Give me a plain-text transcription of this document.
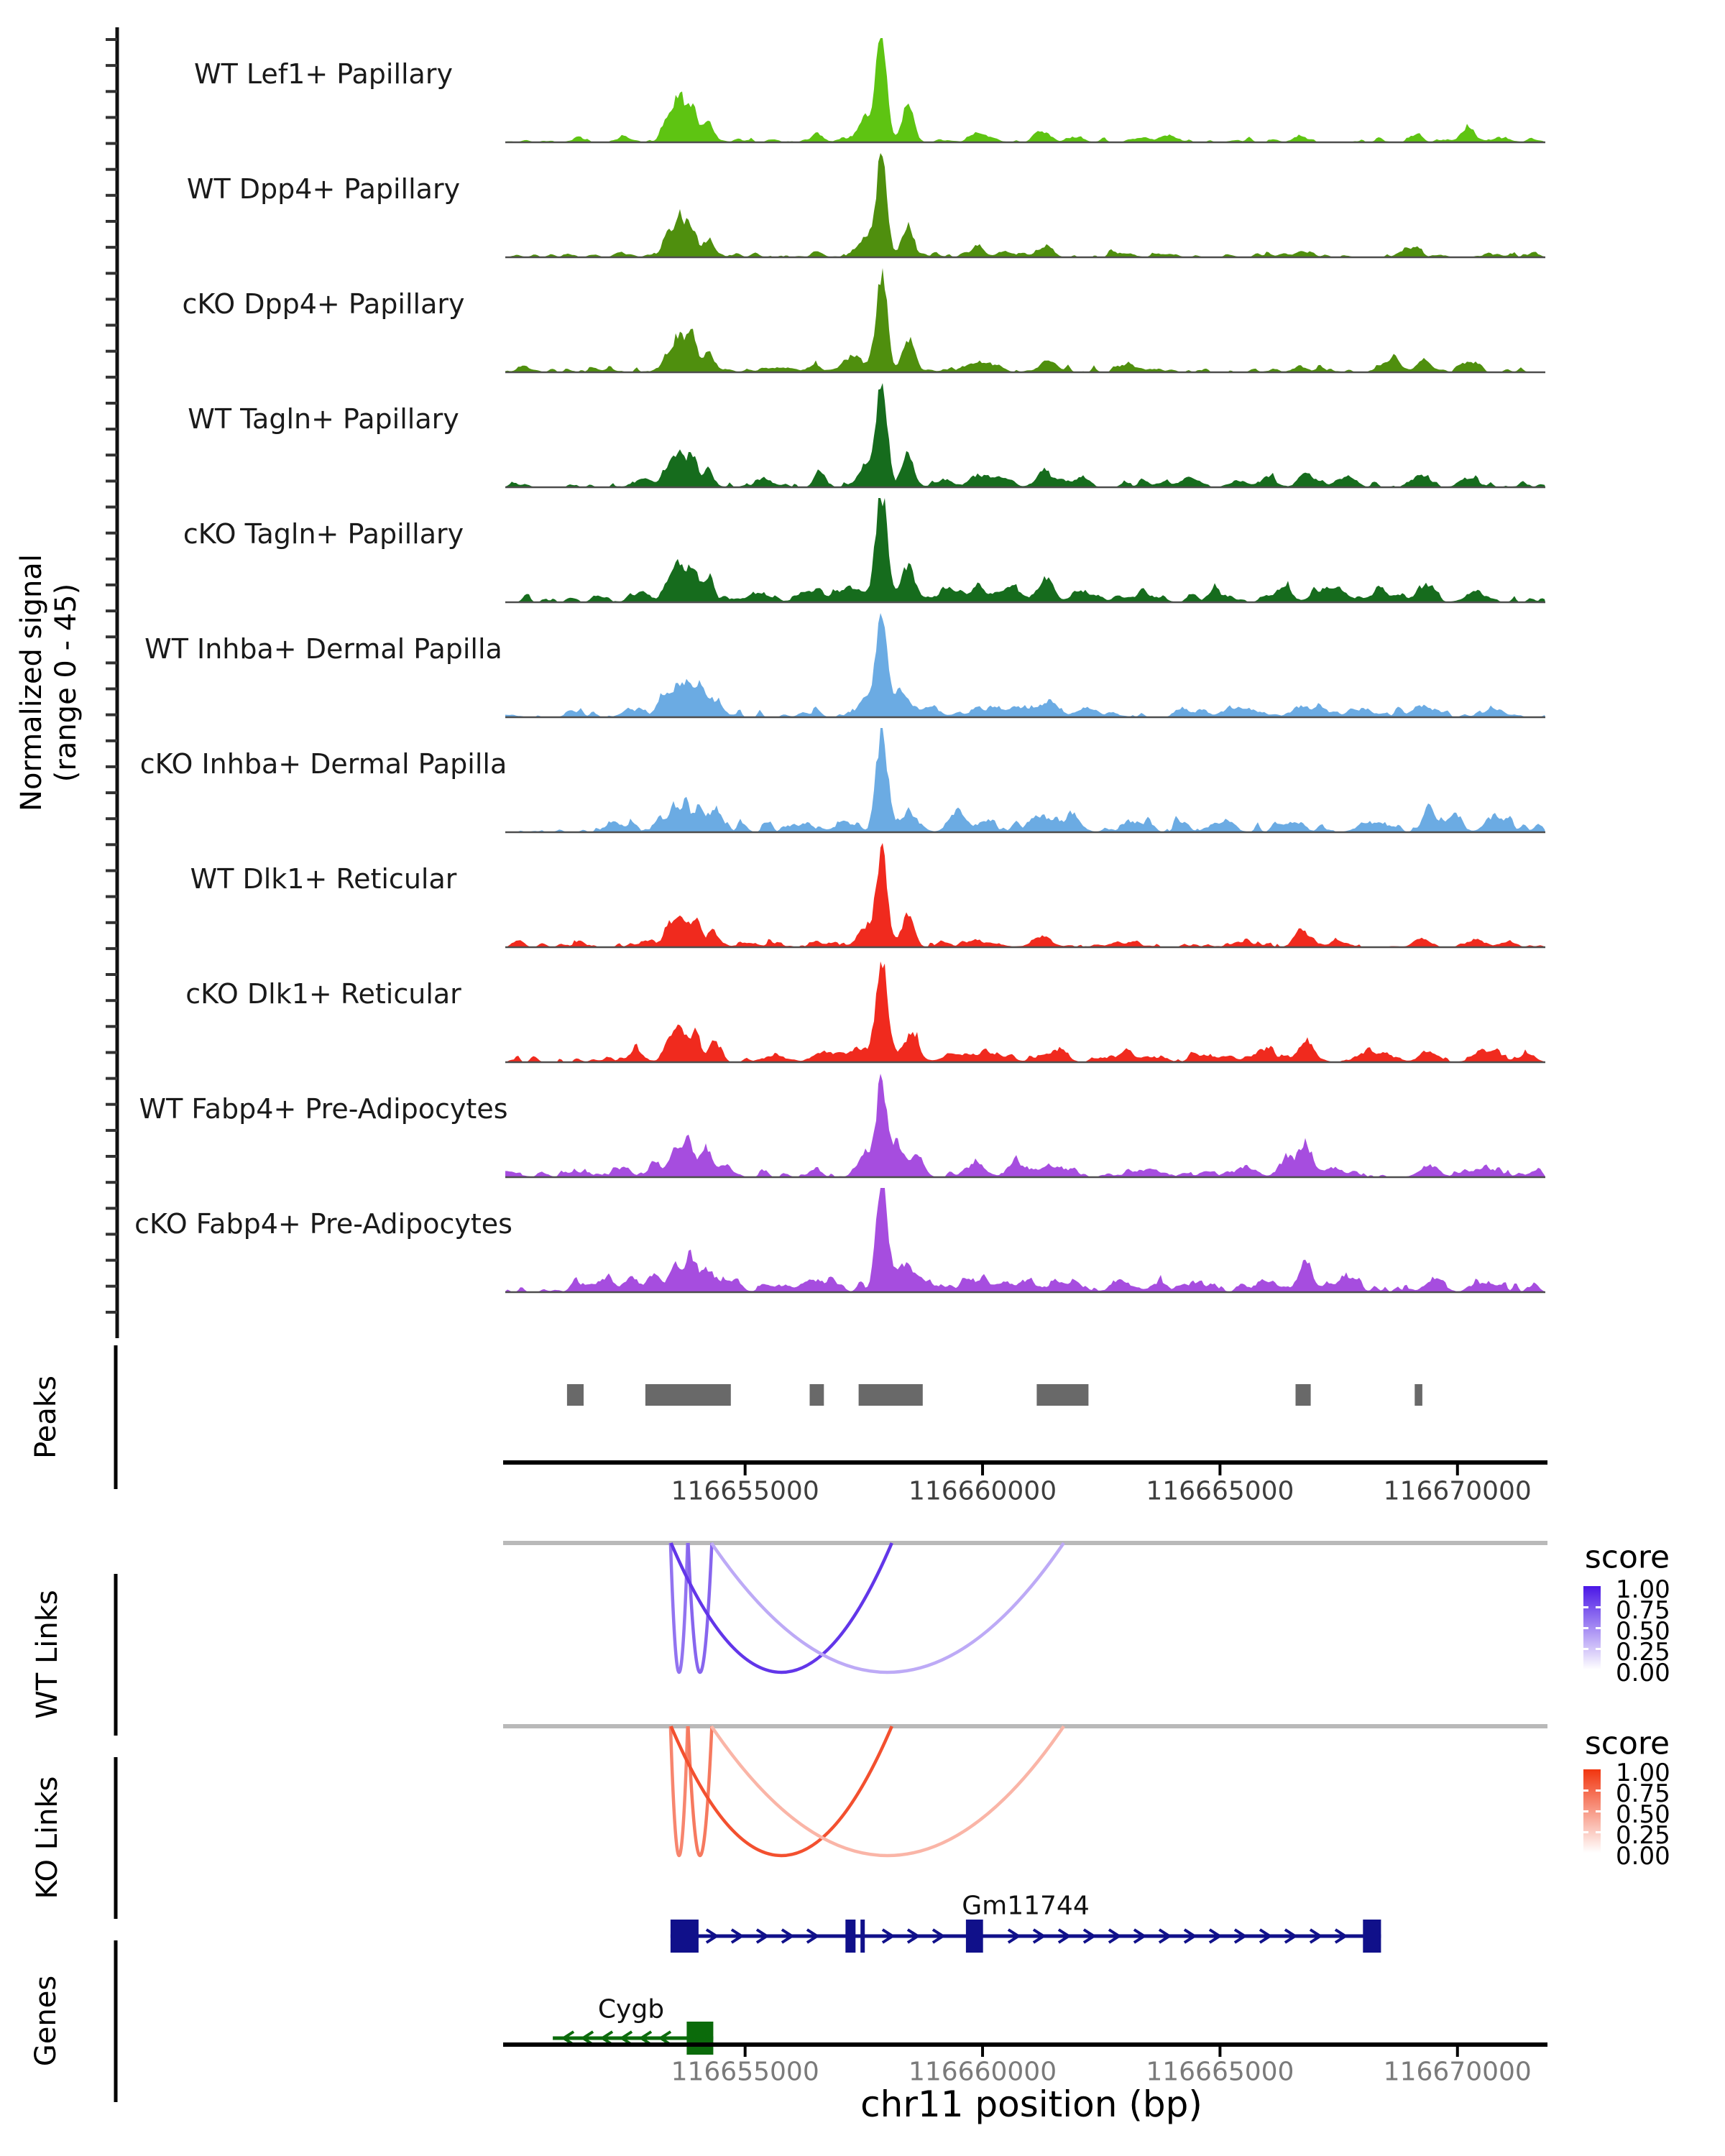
Normalized signal (range 0 - 45)
Peaks
WT Links
KO Links
Genes
Gm11744
Cygb
chr11 position (bp)
score
score
WT Lef1+ Papillary
WT Dpp4+ Papillary
cKO Dpp4+ Papillary
WT Tagln+ Papillary
cKO Tagln+ Papillary
WT Inhba+ Dermal Papilla
cKO Inhba+ Dermal Papilla
WT Dlk1+ Reticular
cKO Dlk1+ Reticular
WT Fabp4+ Pre-Adipocytes
cKO Fabp4+ Pre-Adipocytes
116655000	116660000	116665000	116670000
1.00
0.75
0.50
0.25
0.00
1.00
0.75
0.50
0.25
0.00
116655000	116660000	116665000	116670000
